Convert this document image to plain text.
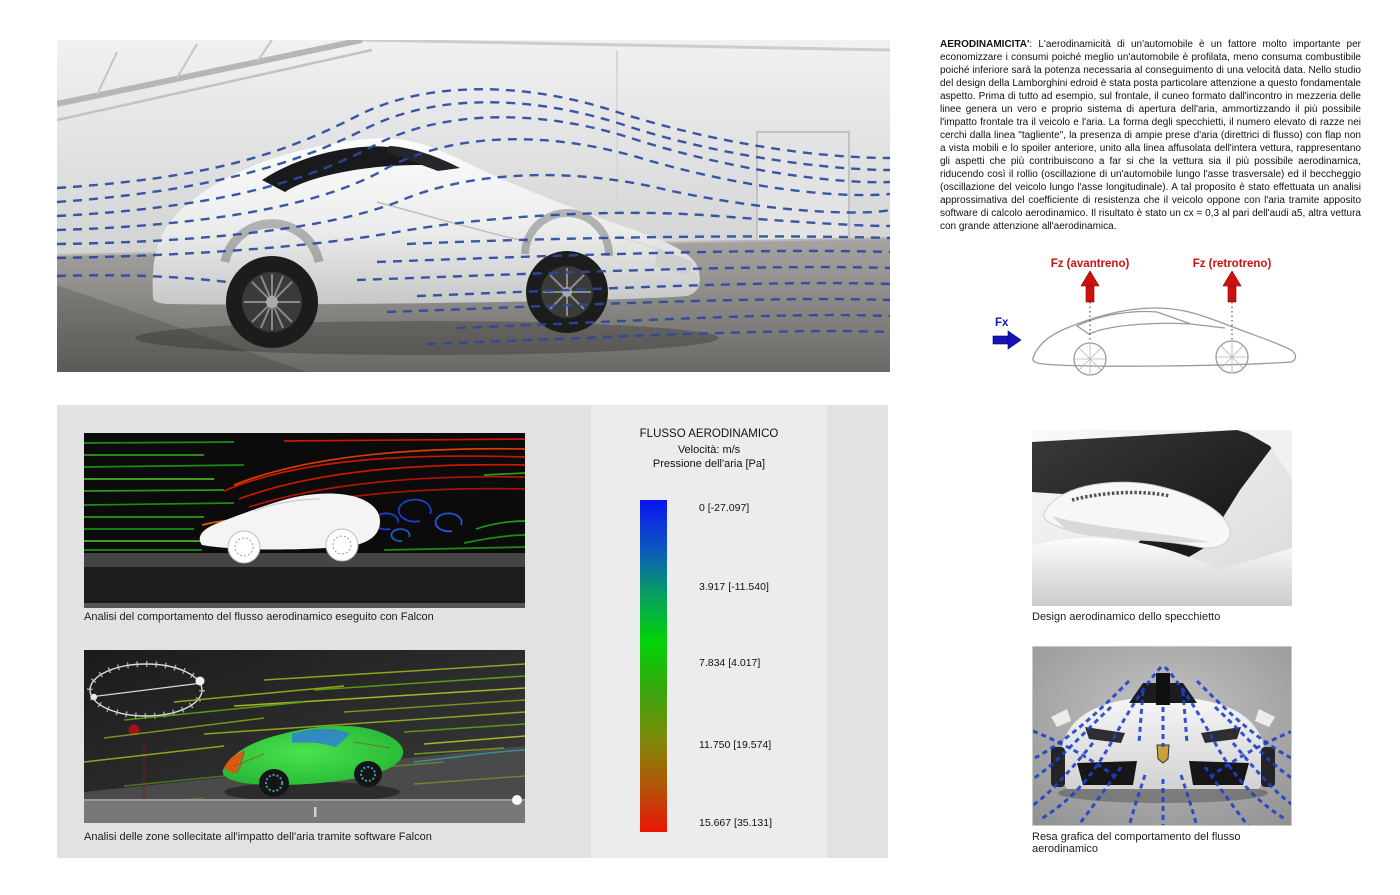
AERODINAMICITA': L'aerodinamicità di un'automobile è un fattore molto importante per economizzare i consumi poiché meglio un'automobile è profilata, meno consuma combustibile poiché inferiore sarà la potenza necessaria al conseguimento di una velocità data. Nello studio del design della Lamborghini edroid è stata posta particolare attenzione a questo fondamentale aspetto. Prima di tutto ad esempio, sul frontale, il cuneo formato dall'incontro in mezzeria delle linee genera un vero e proprio sistema di apertura dell'aria, ammortizzando il più possibile l'impatto frontale tra il veicolo e l'aria. La forma degli specchietti, il numero elevato di razze nei cerchi dalla linea "tagliente", la presenza di ampie prese d'aria (direttrici di flusso) con flap non a vista mobili e lo spoiler anteriore, unito alla linea affusolata dell'intera vettura, rappresentano gli aspetti che più contribuiscono a far si che la vettura sia il più possibile aerodinamica, riducendo così il rollio (oscillazione di un'automobile lungo l'asse trasversale) ed il beccheggio (oscillazione del veicolo lungo l'asse longitudinale). A tal proposito è stato effettuata un analisi approssimativa del coefficiente di resistenza che il veicolo oppone con l'aria tramite apposito software di calcolo aerodinamico. Il risultato è stato un cx = 0,3 al pari dell'audi a5, altra vettura con grande attenzione all'aerodinamica.
Fz (avantreno)	Fz (retrotreno)
Fx
Analisi del comportamento del flusso aerodinamico eseguito con Falcon
Analisi delle zone sollecitate all'impatto dell'aria tramite software Falcon
FLUSSO AERODINAMICO
Velocità: m/s
Pressione dell'aria [Pa]
0 [-27.097]
3.917 [-11.540]
7.834 [4.017]
11.750 [19.574]
15.667 [35.131]
Design aerodinamico dello specchietto
Resa grafica del comportamento del flusso aerodinamico
